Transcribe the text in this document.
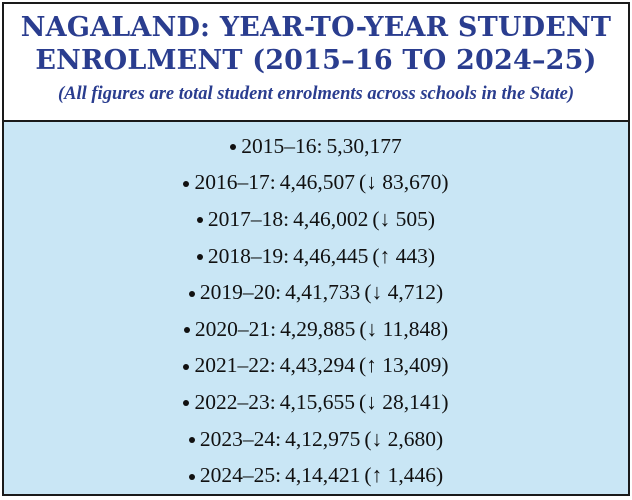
NAGALAND: YEAR-TO-YEAR STUDENT
ENROLMENT (2015–16 TO 2024–25)
(All figures are total student enrolments across schools in the State)
2015–16: 5,30,177
2016–17: 4,46,507 (↓ 83,670)
2017–18: 4,46,002 (↓ 505)
2018–19: 4,46,445 (↑ 443)
2019–20: 4,41,733 (↓ 4,712)
2020–21: 4,29,885 (↓ 11,848)
2021–22: 4,43,294 (↑ 13,409)
2022–23: 4,15,655 (↓ 28,141)
2023–24: 4,12,975 (↓ 2,680)
2024–25: 4,14,421 (↑ 1,446)
